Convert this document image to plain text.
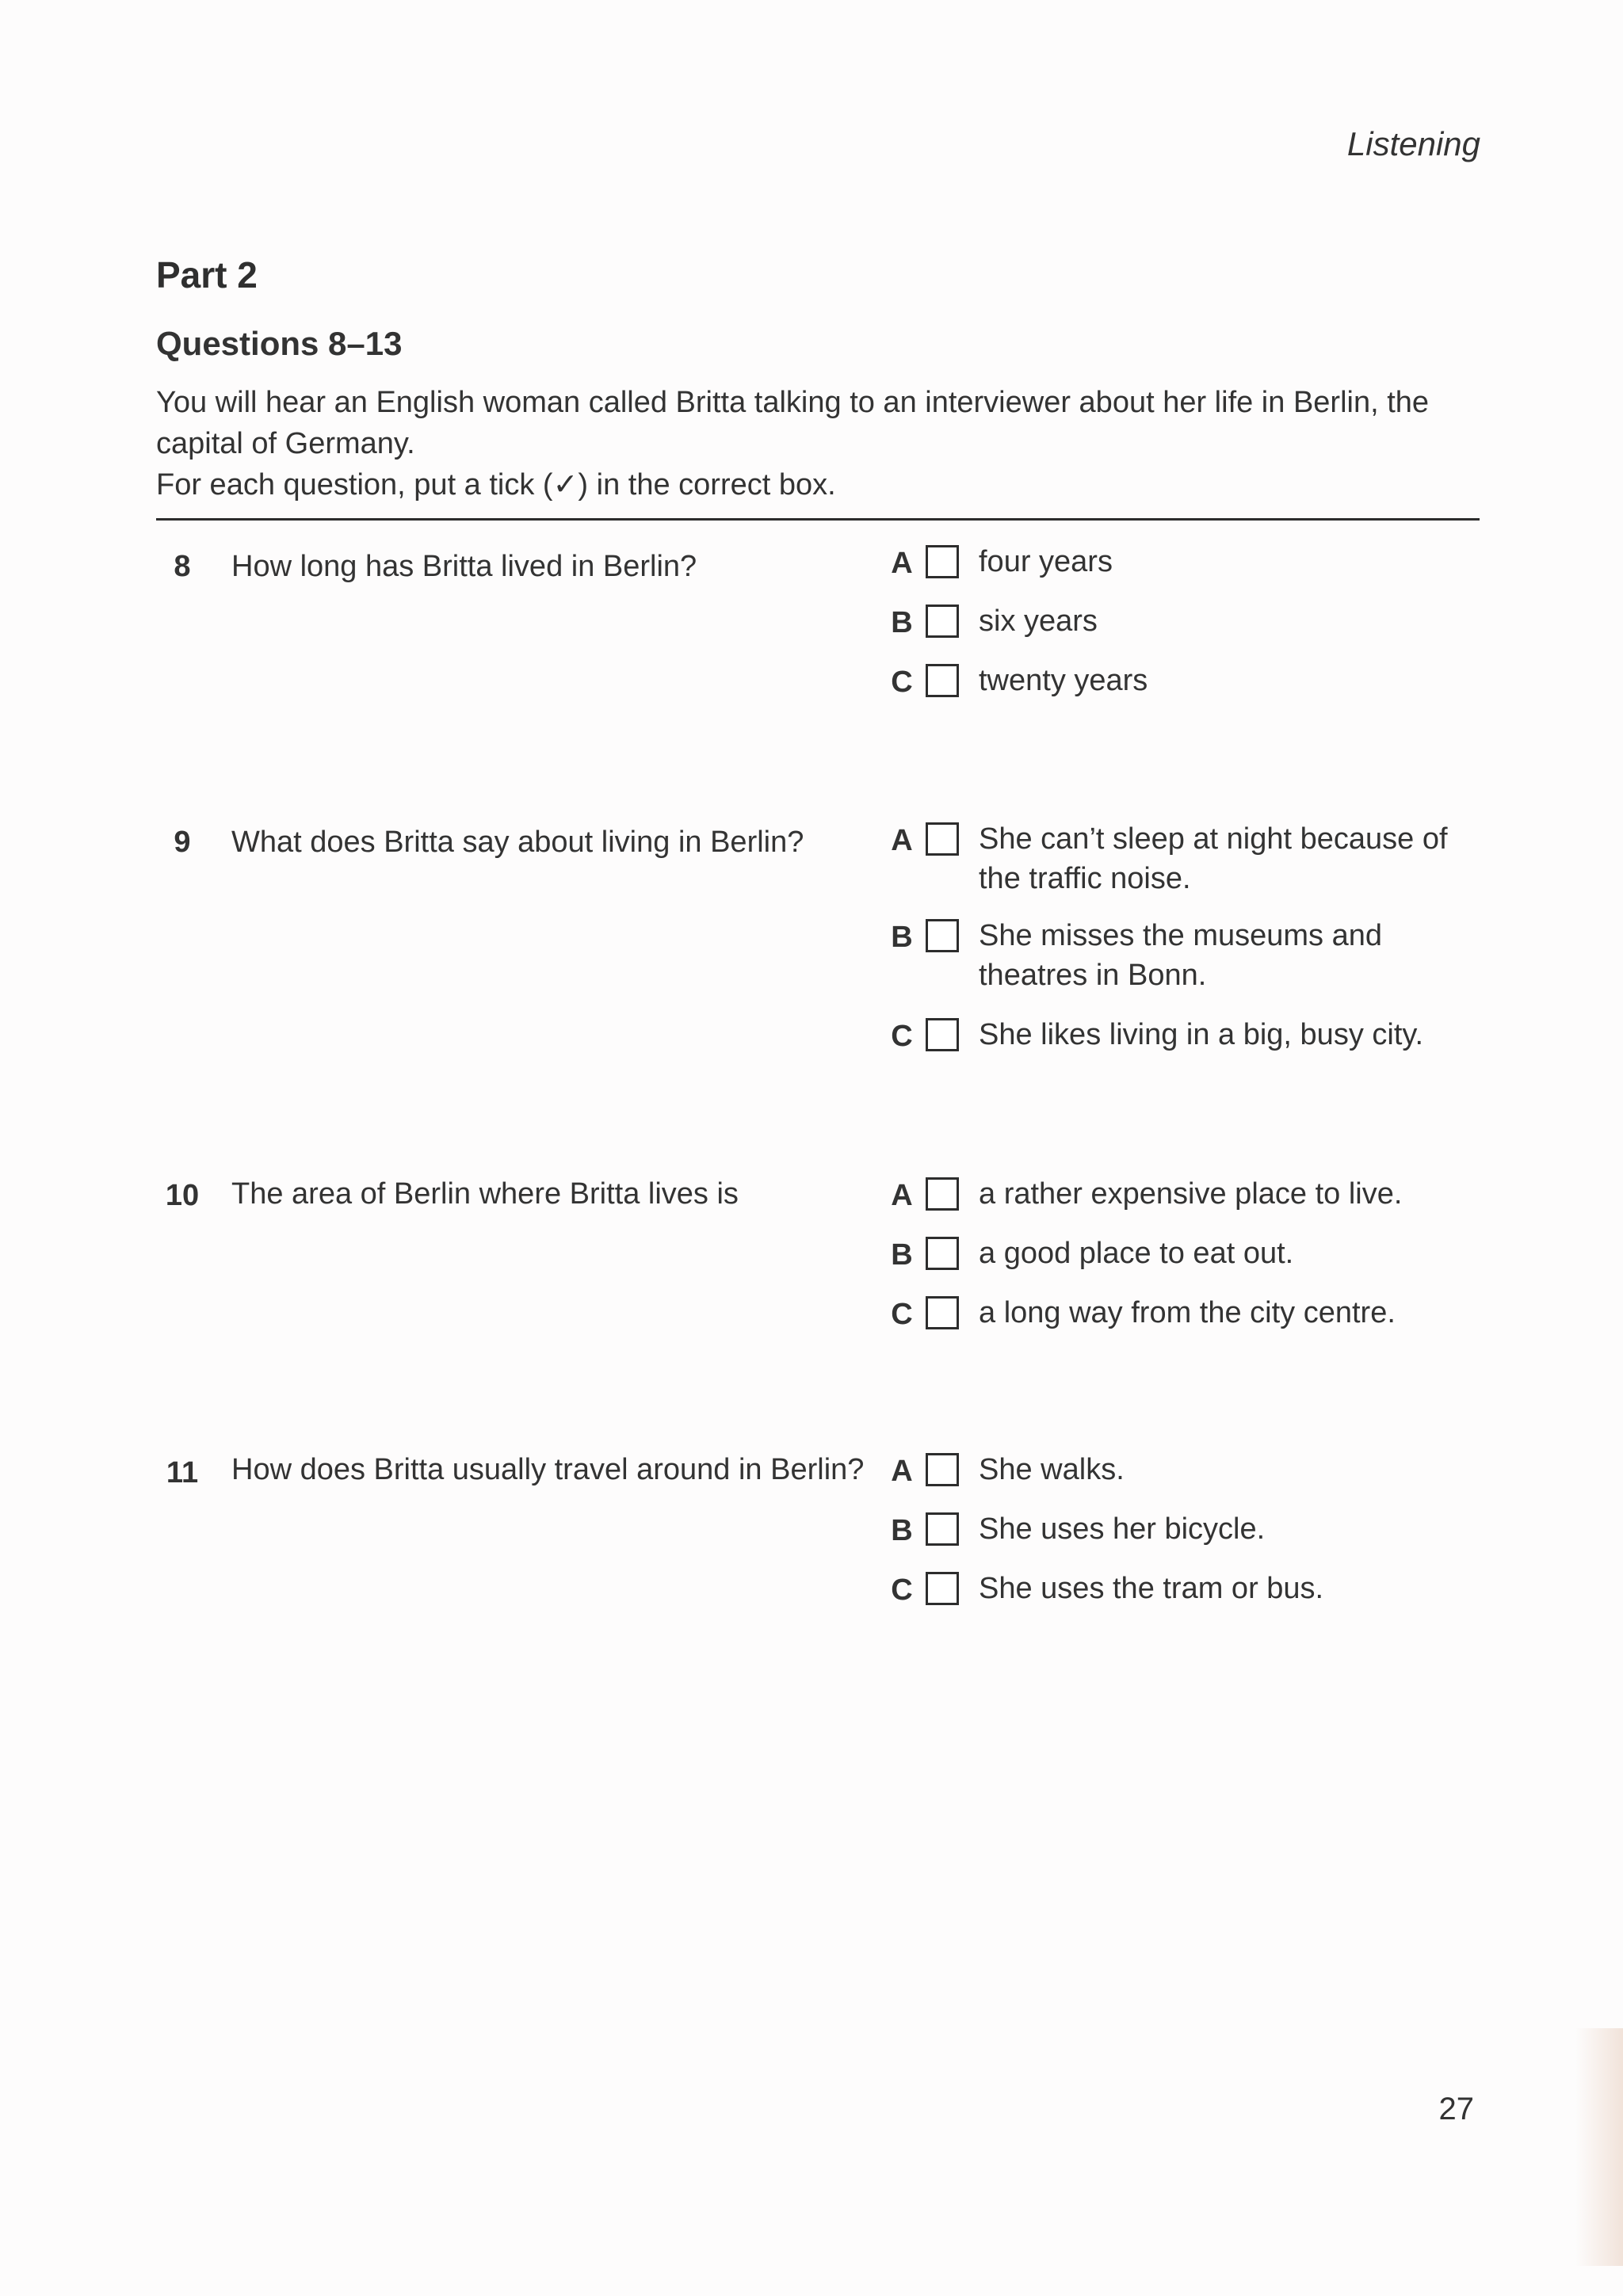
Listening
Part 2
Questions 8–13

You will hear an English woman called Britta talking to an interviewer about her life in Berlin, the capital of Germany.

For each question, put a tick (✓) in the correct box.

8	How long has Britta lived in Berlin?	A four years
B six years
C twenty years
9	What does Britta say about living in Berlin?	A She can’t sleep at night because of the traffic noise.
B She misses the museums and theatres in Bonn.
C She likes living in a big, busy city.
10	The area of Berlin where Britta lives is	A a rather expensive place to live.
B a good place to eat out.
C a long way from the city centre.
11	How does Britta usually travel around in Berlin? A She walks.
B She uses her bicycle.
C She uses the tram or bus.
27
